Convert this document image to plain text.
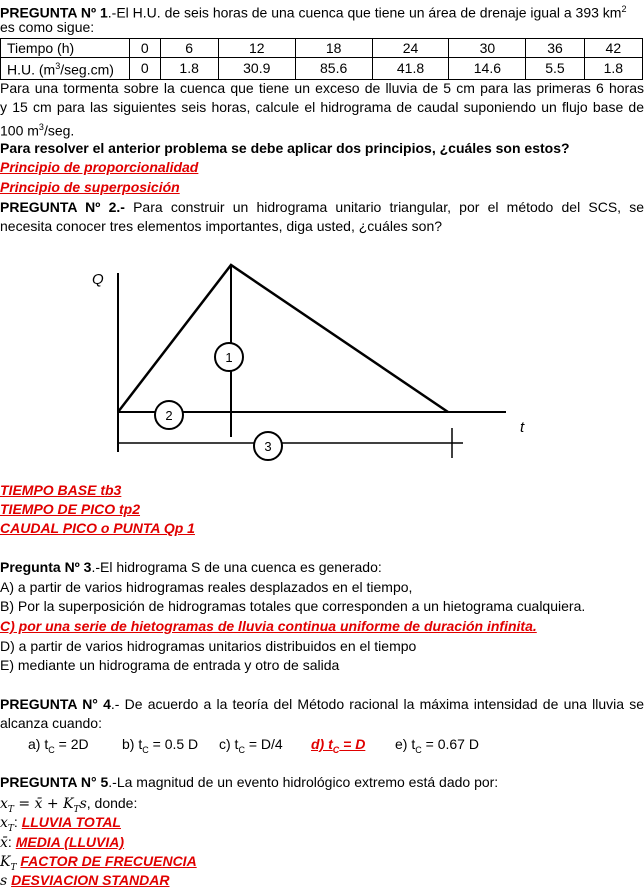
PREGUNTA Nº 1.-El H.U. de seis horas de una cuenca que tiene un área de drenaje igual a 393 $km^2$
es como sigue:
Tiempo (h)	0	6	12	18	24	30	36	42
H.U. $(m^3/seg.cm)$	0	1.8	30.9	85.6	41.8	14.6	5.5	1.8
Para una tormenta sobre la cuenca que tiene un exceso de lluvia de 5 cm para las primeras 6 horas
y 15 cm para las siguientes seis horas, calcule el hidrograma de caudal suponiendo un flujo base de
100 $m^3$/seg.
Para resolver el anterior problema se debe aplicar dos principios, ¿cuáles son estos?
Principio de proporcionalidad
Principio de superposición
PREGUNTA Nº 2.- Para construir un hidrograma unitario triangular, por el método del SCS, se
necesita conocer tres elementos importantes, diga usted, ¿cuáles son?
Q
t
1
2
3
TIEMPO BASE tb3
TIEMPO DE PICO tp2
CAUDAL PICO o PUNTA Qp 1
Pregunta Nº 3.-El hidrograma S de una cuenca es generado:
A) a partir de varios hidrogramas reales desplazados en el tiempo,
B) Por la superposición de hidrogramas totales que corresponden a un hietograma cualquiera.
C) por una serie de hietogramas de lluvia continua uniforme de duración infinita.
D) a partir de varios hidrogramas unitarios distribuidos en el tiempo
E) mediante un hidrograma de entrada y otro de salida
PREGUNTA N° 4.- De acuerdo a la teoría del Método racional la máxima intensidad de una lluvia se
alcanza cuando:
a) $t_C = 2D$ b) $t_C = 0.5$ D c) $t_C = D/4$ d) $t_C = D$ e) $t_C = 0.67$ D
PREGUNTA N° 5.-La magnitud de un evento hidrológico extremo está dado por:
$x_T$ = x̄ + $K_Ts$, donde:
$x_T$: LLUVIA TOTAL
x̄: MEDIA (LLUVIA)
$K_T$ FACTOR DE FRECUENCIA
s DESVIACION STANDAR
